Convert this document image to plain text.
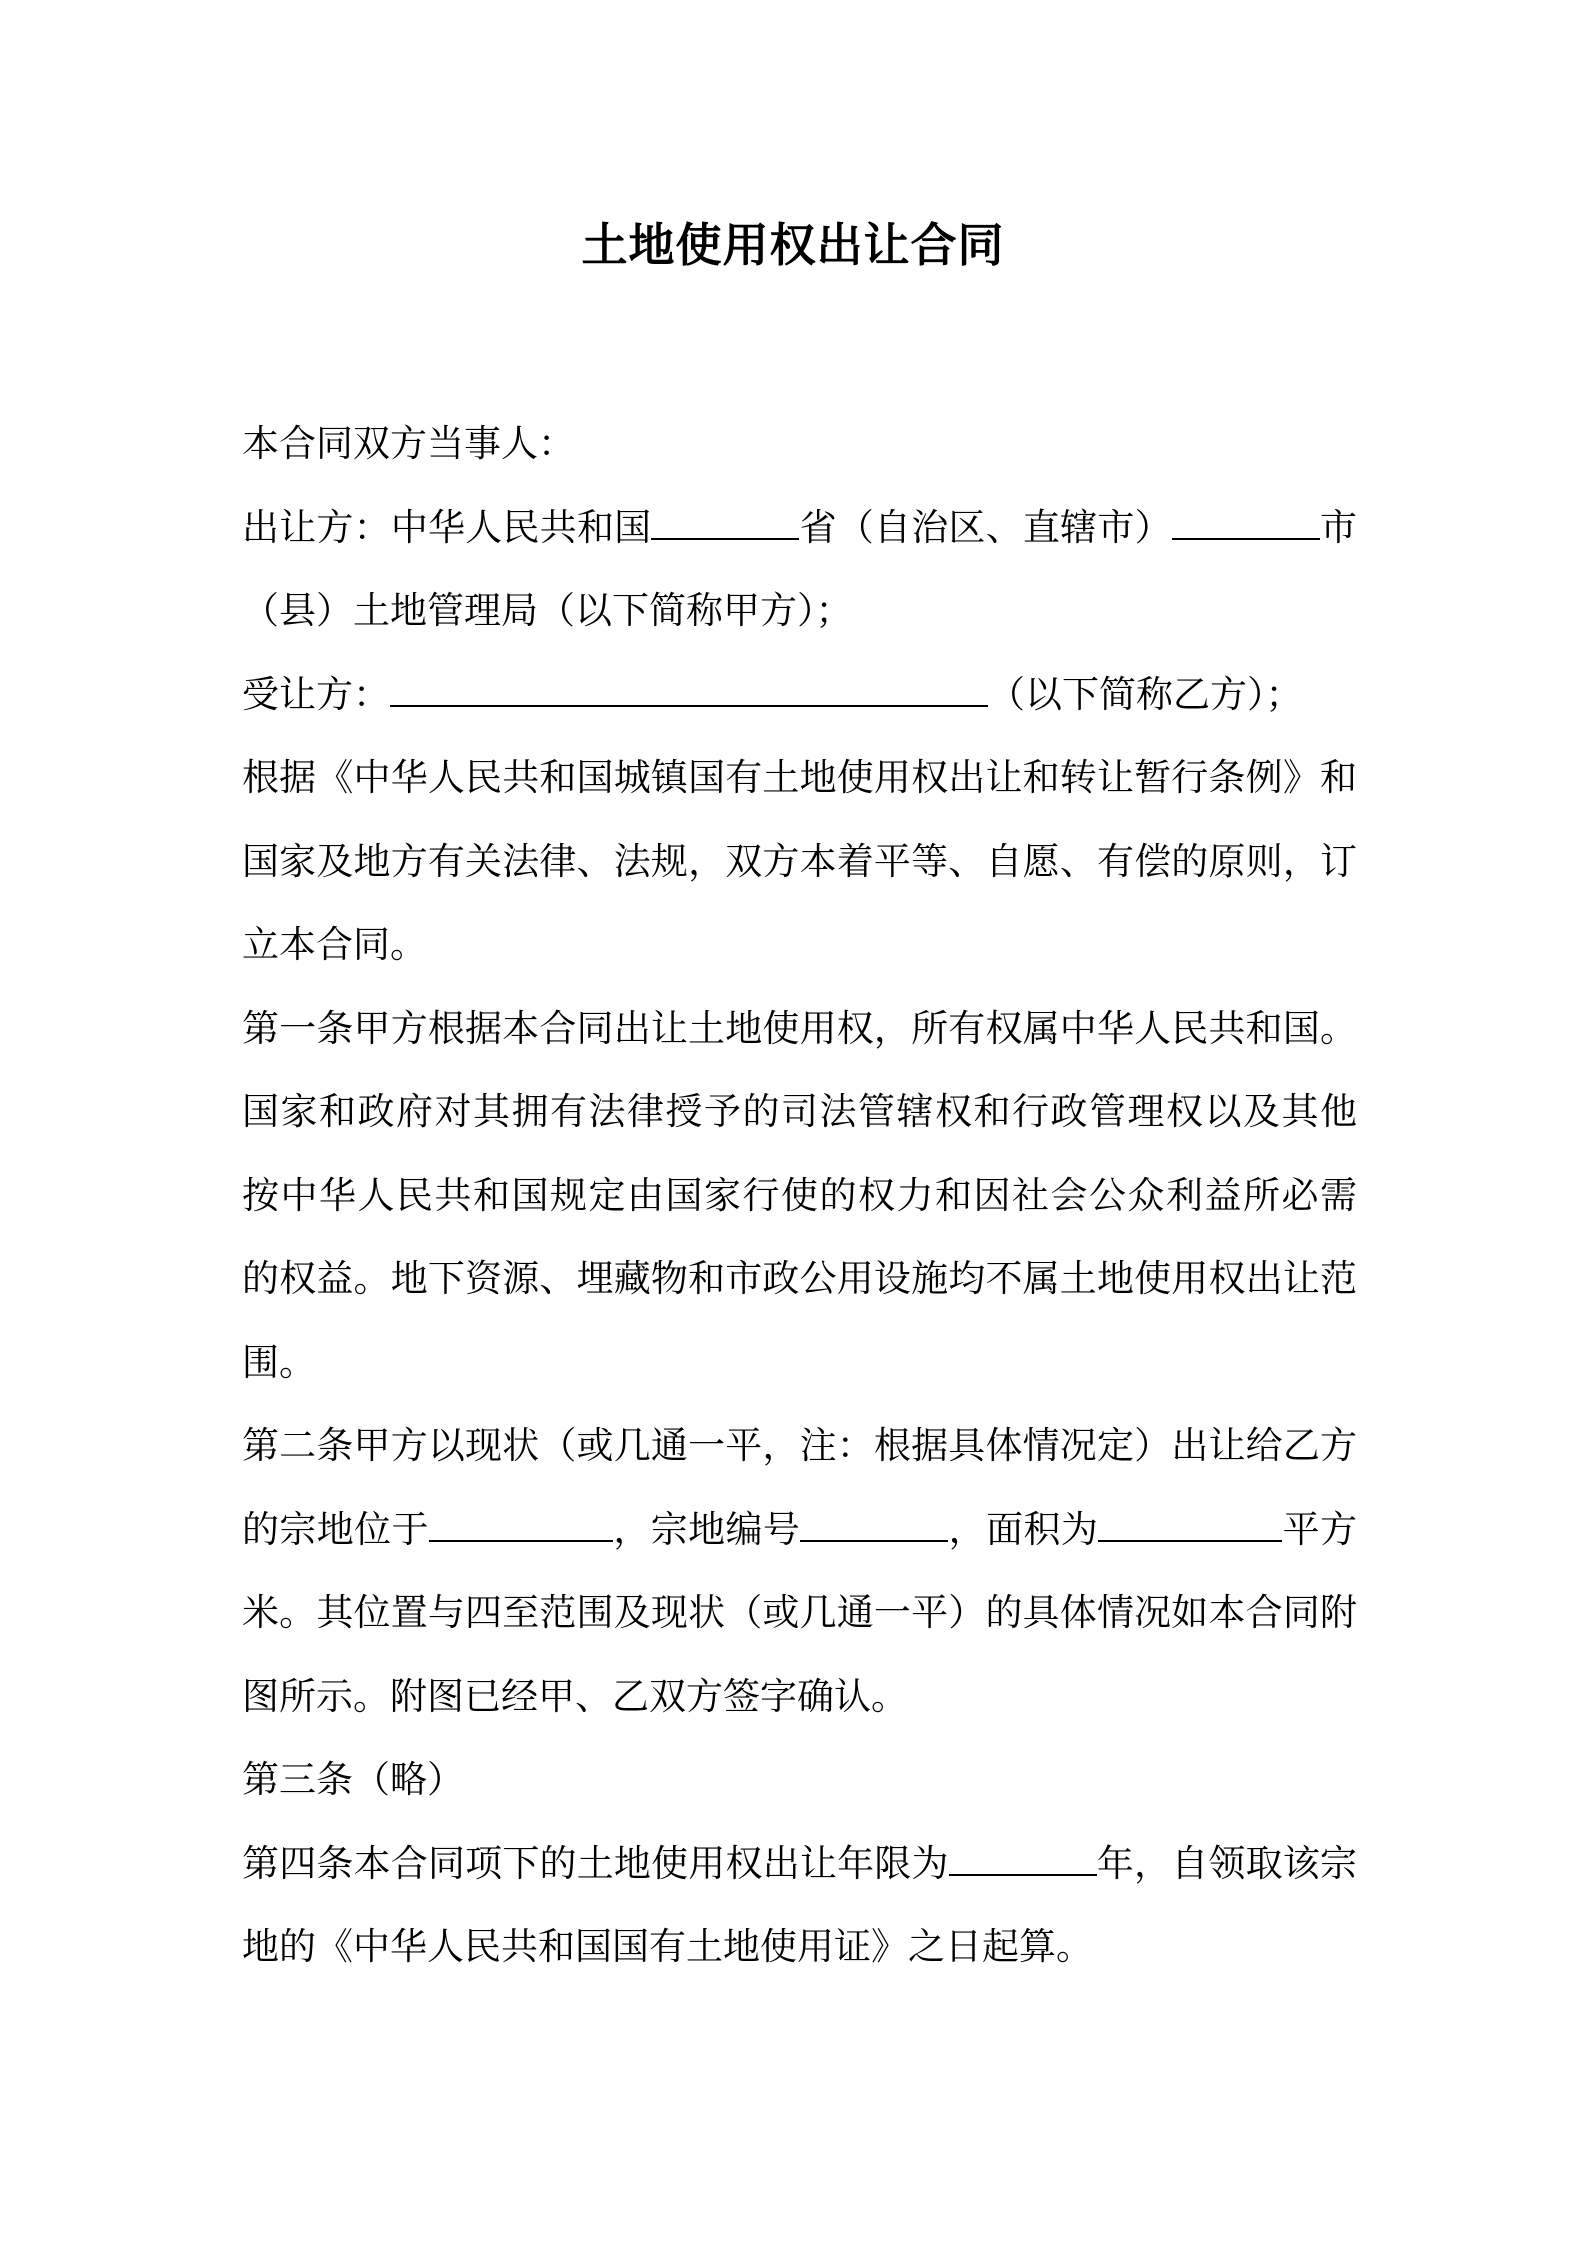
土地使用权出让合同
本合同双方当事人：
出让方：中华人民共和国	省（自治区、直辖市）	市
（县）土地管理局（以下简称甲方）；
受让方：	（以下简称乙方）；
根据《中华人民共和国城镇国有土地使用权出让和转让暂行条例》和
国家及地方有关法律、法规，双方本着平等、自愿、有偿的原则，订
立本合同。
第一条甲方根据本合同出让土地使用权，所有权属中华人民共和国。
国家和政府对其拥有法律授予的司法管辖权和行政管理权以及其他
按中华人民共和国规定由国家行使的权力和因社会公众利益所必需
的权益。地下资源、埋藏物和市政公用设施均不属土地使用权出让范
围。
第二条甲方以现状（或几通一平，注：根据具体情况定）出让给乙方
的宗地位于	，宗地编号	，面积为	平方
米。其位置与四至范围及现状（或几通一平）的具体情况如本合同附
图所示。附图已经甲、乙双方签字确认。
第三条（略）
第四条本合同项下的土地使用权出让年限为	年，自领取该宗
地的《中华人民共和国国有土地使用证》之日起算。
